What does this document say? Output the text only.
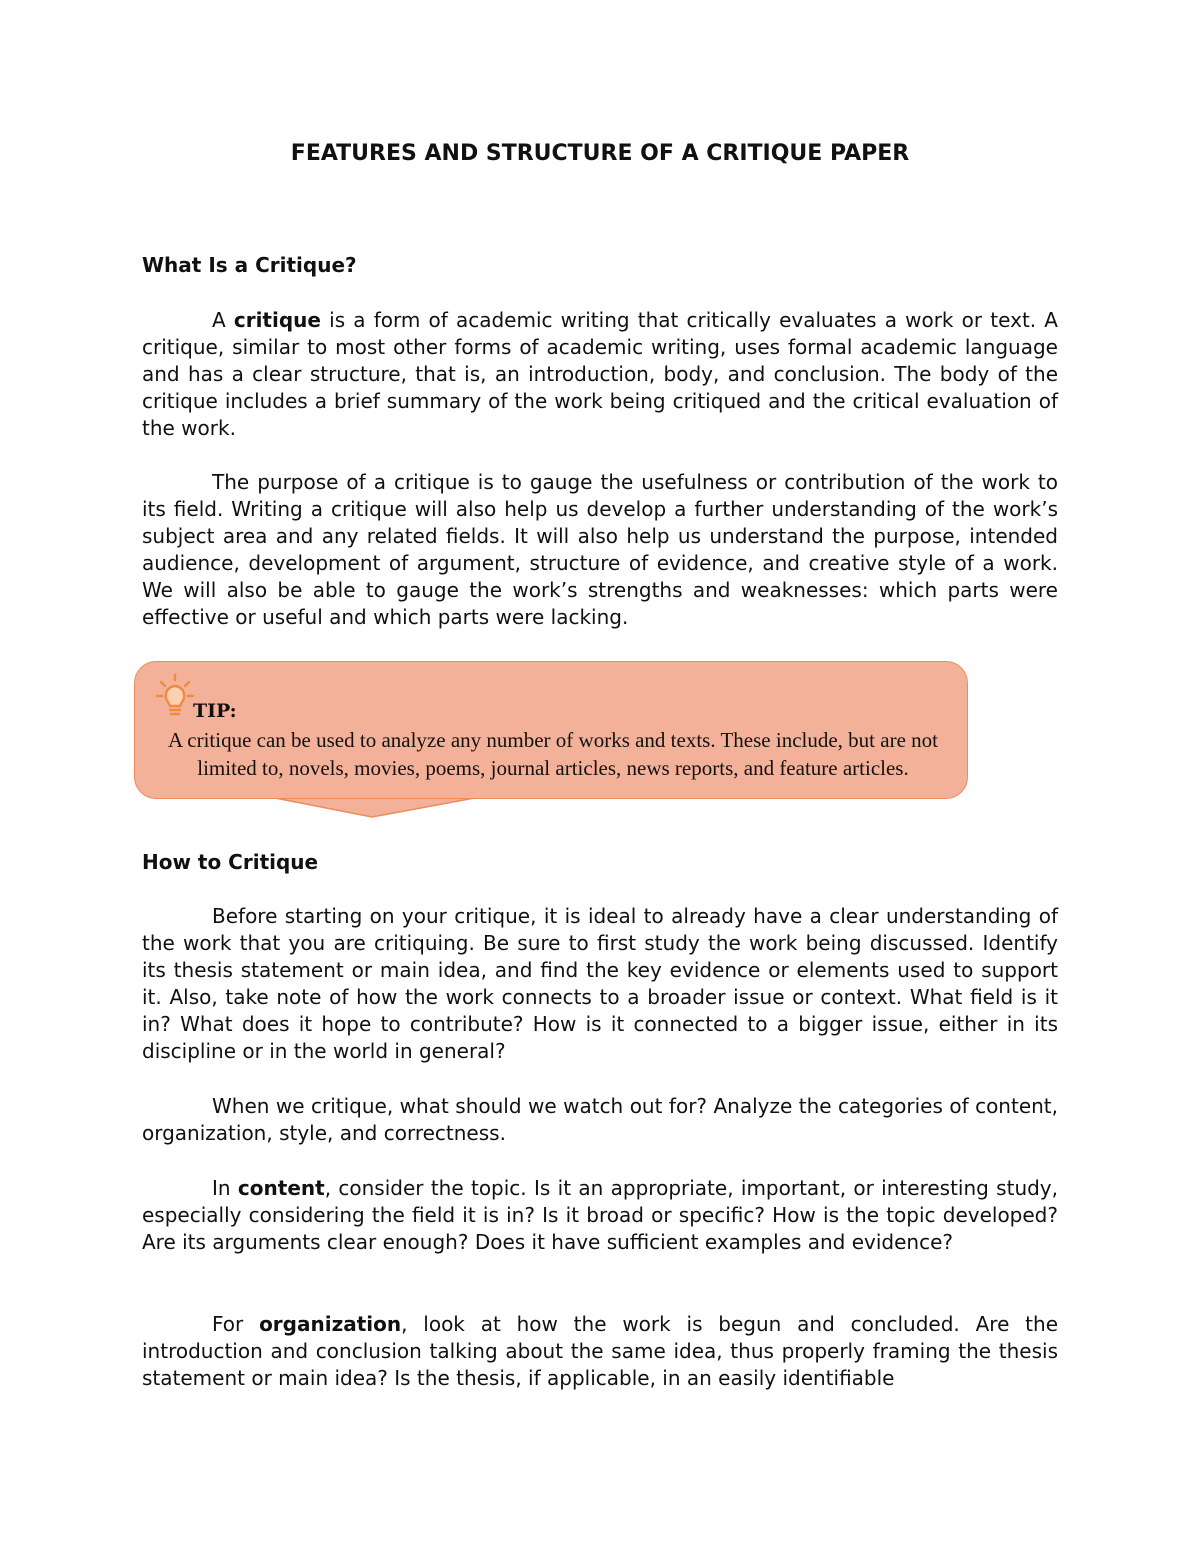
FEATURES AND STRUCTURE OF A CRITIQUE PAPER
What Is a Critique?
A critique is a form of academic writing that critically evaluates a work or text. A critique, similar to most other forms of academic writing, uses formal academic language and has a clear structure, that is, an introduction, body, and conclusion. The body of the critique includes a brief summary of the work being critiqued and the critical evaluation of the work.
The purpose of a critique is to gauge the usefulness or contribution of the work to its field. Writing a critique will also help us develop a further understanding of the work’s subject area and any related fields. It will also help us understand the purpose, intended audience, development of argument, structure of evidence, and creative style of a work. We will also be able to gauge the work’s strengths and weaknesses: which parts were effective or useful and which parts were lacking.
TIP:
A critique can be used to analyze any number of works and texts. These include, but are not limited to, novels, movies, poems, journal articles, news reports, and feature articles.
How to Critique
Before starting on your critique, it is ideal to already have a clear understanding of the work that you are critiquing. Be sure to first study the work being discussed. Identify its thesis statement or main idea, and find the key evidence or elements used to support it. Also, take note of how the work connects to a broader issue or context. What field is it in? What does it hope to contribute? How is it connected to a bigger issue, either in its discipline or in the world in general?
When we critique, what should we watch out for? Analyze the categories of content, organization, style, and correctness.
In content, consider the topic. Is it an appropriate, important, or interesting study, especially considering the field it is in? Is it broad or specific? How is the topic developed? Are its arguments clear enough? Does it have sufficient examples and evidence?
For organization, look at how the work is begun and concluded. Are the introduction and conclusion talking about the same idea, thus properly framing the thesis statement or main idea? Is the thesis, if applicable, in an easily identifiable
